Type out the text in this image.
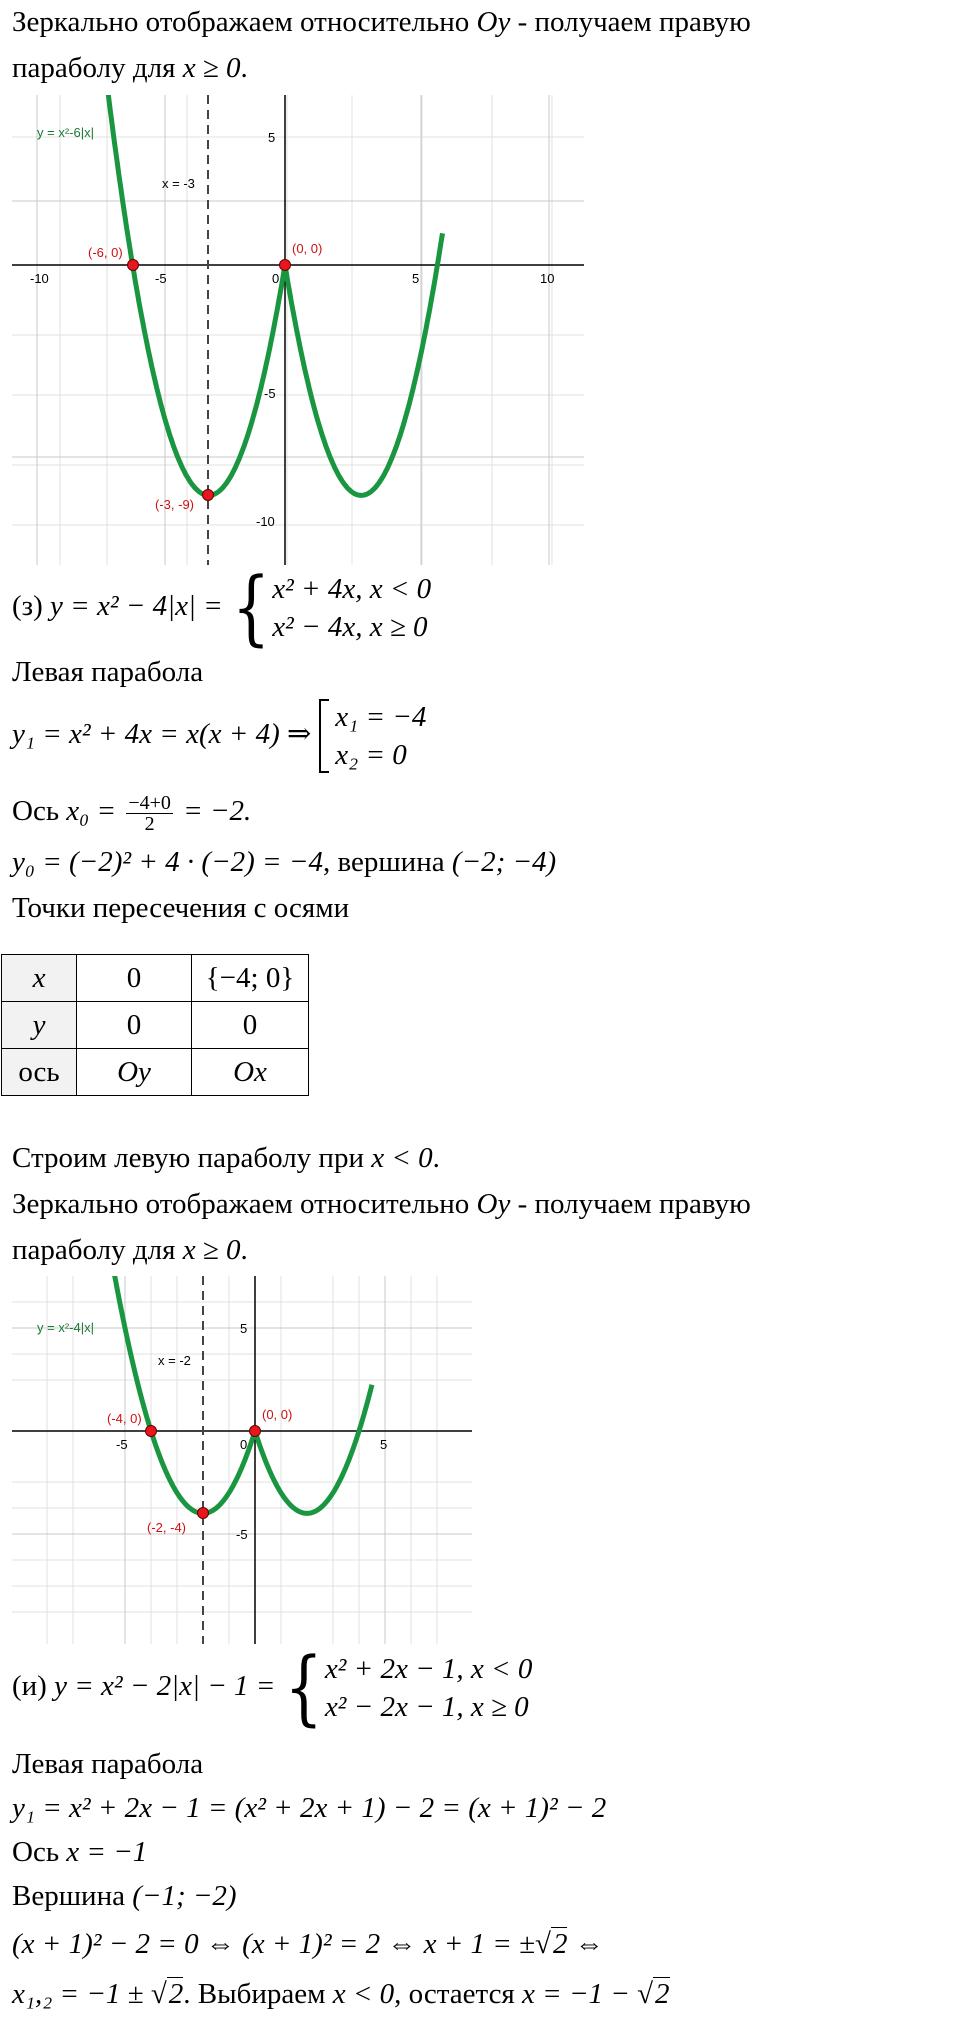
Зеркально отображаем относительно Oy - получаем правую
параболу для x ≥ 0.
-10	-5	0	5	10
5
-5
-10
x = -3
y = x²-6|x|
(-6, 0)	(0, 0)
(-3, -9)
(з) y = x² − 4|x| = {x² + 4x, x < 0
x² − 4x, x ≥ 0
Левая парабола
y₁ = x² + 4x = x(x + 4) ⇒x₁ = −4
x₂ = 0
Ось $x_0 = \frac{-4+0}{2} = -2$.
y₀ = (−2)² + 4 · (−2) = −4, вершина (−2; −4)
Точки пересечения с осями
x	0	{−4; 0}
y	0	0
ось	Oy	Ox
Строим левую параболу при x < 0.
Зеркально отображаем относительно Oy - получаем правую
параболу для x ≥ 0.
-5	0	5
5
-5
x = -2
y = x²-4|x|
(-4, 0)	(0, 0)
(-2, -4)
(и) y = x² − 2|x| − 1 = {x² + 2x − 1, x < 0
x² − 2x − 1, x ≥ 0
Левая парабола
y₁ = x² + 2x − 1 = (x² + 2x + 1) − 2 = (x + 1)² − 2
Ось x = −1
Вершина (−1; −2)
(x + 1)² − 2 = 0 ⇔ (x + 1)² = 2 ⇔ x + 1 = ±√2 ⇔
x₁,₂ = −1 ± √2. Выбираем x < 0, остается x = −1 − √2
